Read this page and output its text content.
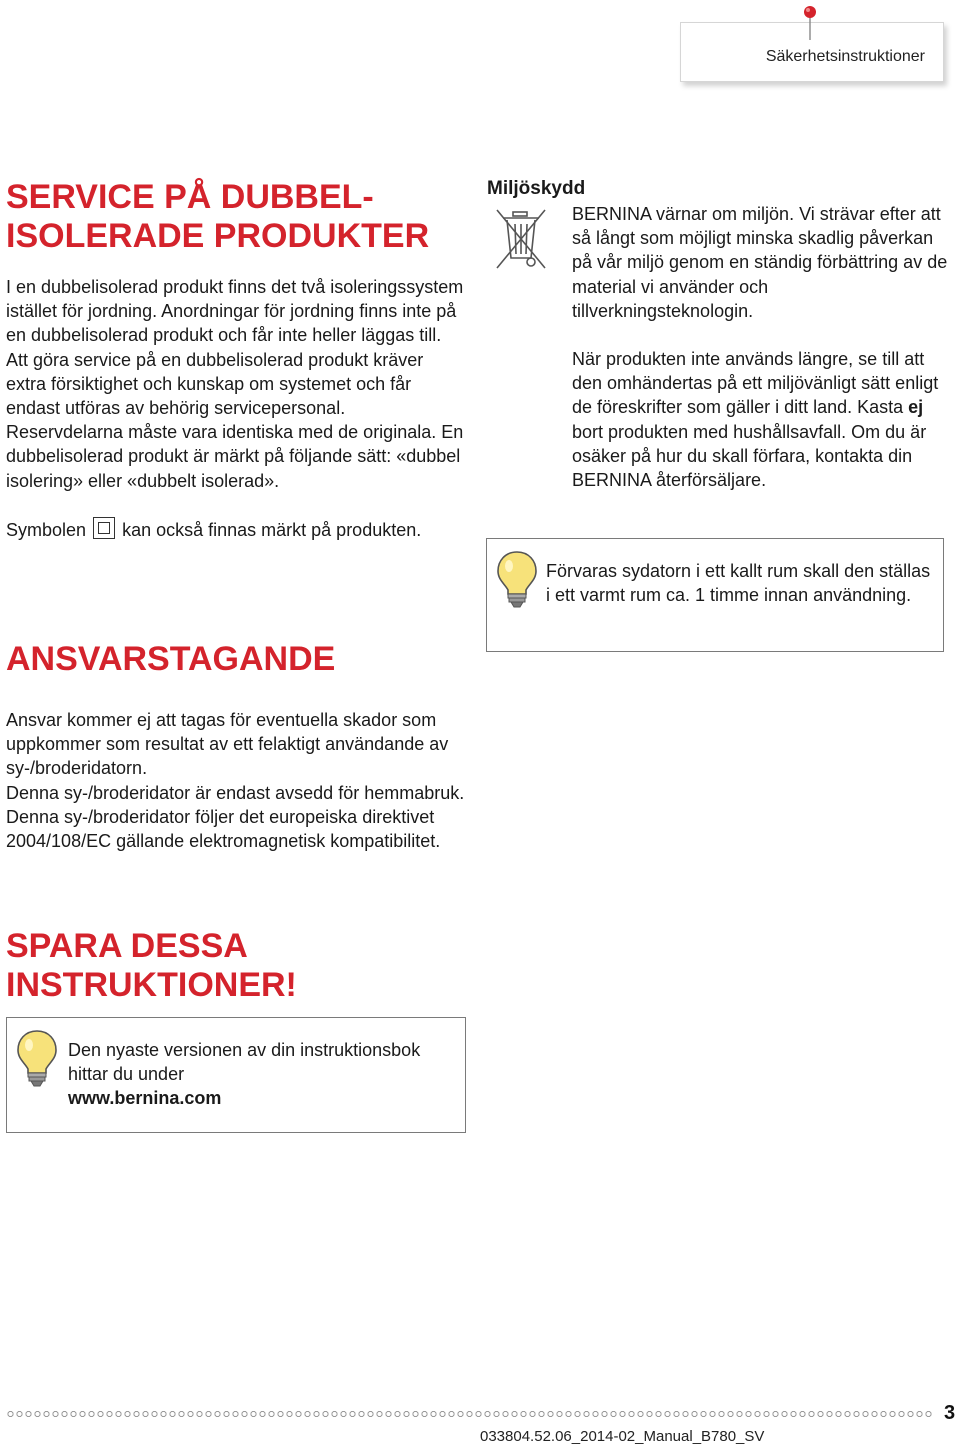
Säkerhetsinstruktioner
SERVICE PÅ DUBBEL-
ISOLERADE PRODUKTER

I en dubbelisolerad produkt finns det två isoleringssystem istället för jordning. Anordningar för jordning finns inte på en dubbelisolerad produkt och får inte heller läggas till. Att göra service på en dubbelisolerad produkt kräver extra försiktighet och kunskap om systemet och får endast utföras av behörig servicepersonal.

Reservdelarna måste vara identiska med de originala. En dubbelisolerad produkt är märkt på följande sätt: «dubbel isolering» eller «dubbelt isolerad».

Symbolen kan också finnas märkt på produkten.

ANSVARSTAGANDE

Ansvar kommer ej att tagas för eventuella skador som uppkommer som resultat av ett felaktigt användande av sy-/broderidatorn.

Denna sy-/broderidator är endast avsedd för hemmabruk.

Denna sy-/broderidator följer det europeiska direktivet 2004/108/EC gällande elektromagnetisk kompatibilitet.

SPARA DESSA
INSTRUKTIONER!
Den nyaste versionen av din instruktionsbok hittar du under
www.bernina.com
Miljöskydd

BERNINA värnar om miljön. Vi strävar efter att så långt som möjligt minska skadlig påverkan på vår miljö genom en ständig förbättring av de material vi använder och tillverkningsteknologin.

När produkten inte används längre, se till att den omhändertas på ett miljövänligt sätt enligt de föreskrifter som gäller i ditt land. Kasta ej bort produkten med hushållsavfall. Om du är osäker på hur du skall förfara, kontakta din BERNINA återförsäljare.

Förvaras sydatorn i ett kallt rum skall den ställas i ett varmt rum ca. 1 timme innan användning.
3
033804.52.06_2014-02_Manual_B780_SV
